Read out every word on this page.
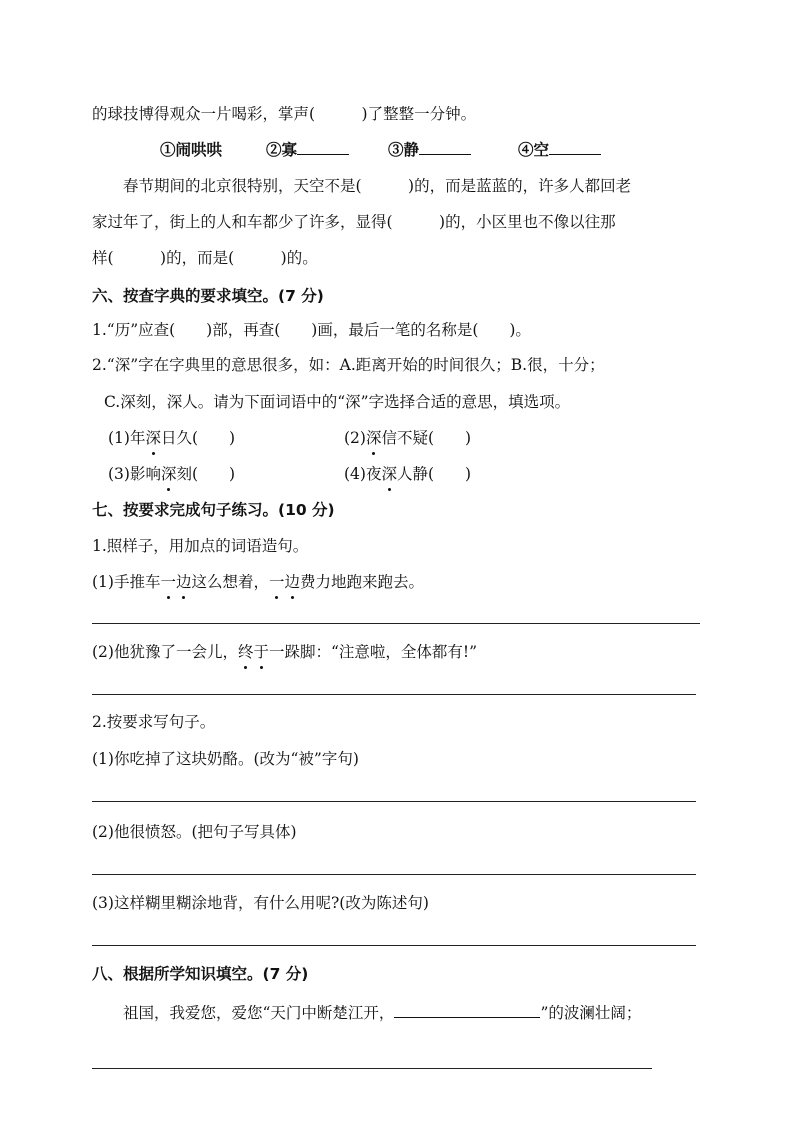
的球技博得观众一片喝彩，掌声(　　　)了整整一分钟。
①闹哄哄	②寡	③静	④空
春节期间的北京很特别，天空不是(　　　)的，而是蓝蓝的，许多人都回老
家过年了，街上的人和车都少了许多，显得(　　　)的，小区里也不像以往那
样(　　　)的，而是(　　　)的。
六、按查字典的要求填空。(7 分)
1.“历”应查(　　)部，再查(　　)画，最后一笔的名称是(　　)。
2.“深”字在字典里的意思很多，如：A.距离开始的时间很久；B.很，十分；
C.深刻，深人。请为下面词语中的“深”字选择合适的意思，填选项。
(1)年深日久(　　)	(2)深信不疑(　　)
(3)影响深刻(　　)	(4)夜深人静(　　)
七、按要求完成句子练习。(10 分)
1.照样子，用加点的词语造句。
(1)手推车一边这么想着，一边费力地跑来跑去。
(2)他犹豫了一会儿，终于一跺脚：“注意啦，全体都有!”
2.按要求写句子。
(1)你吃掉了这块奶酪。(改为“被”字句)
(2)他很愤怒。(把句子写具体)
(3)这样糊里糊涂地背，有什么用呢?(改为陈述句)
八、根据所学知识填空。(7 分)
祖国，我爱您，爱您“天门中断楚江开，	”的波澜壮阔；
